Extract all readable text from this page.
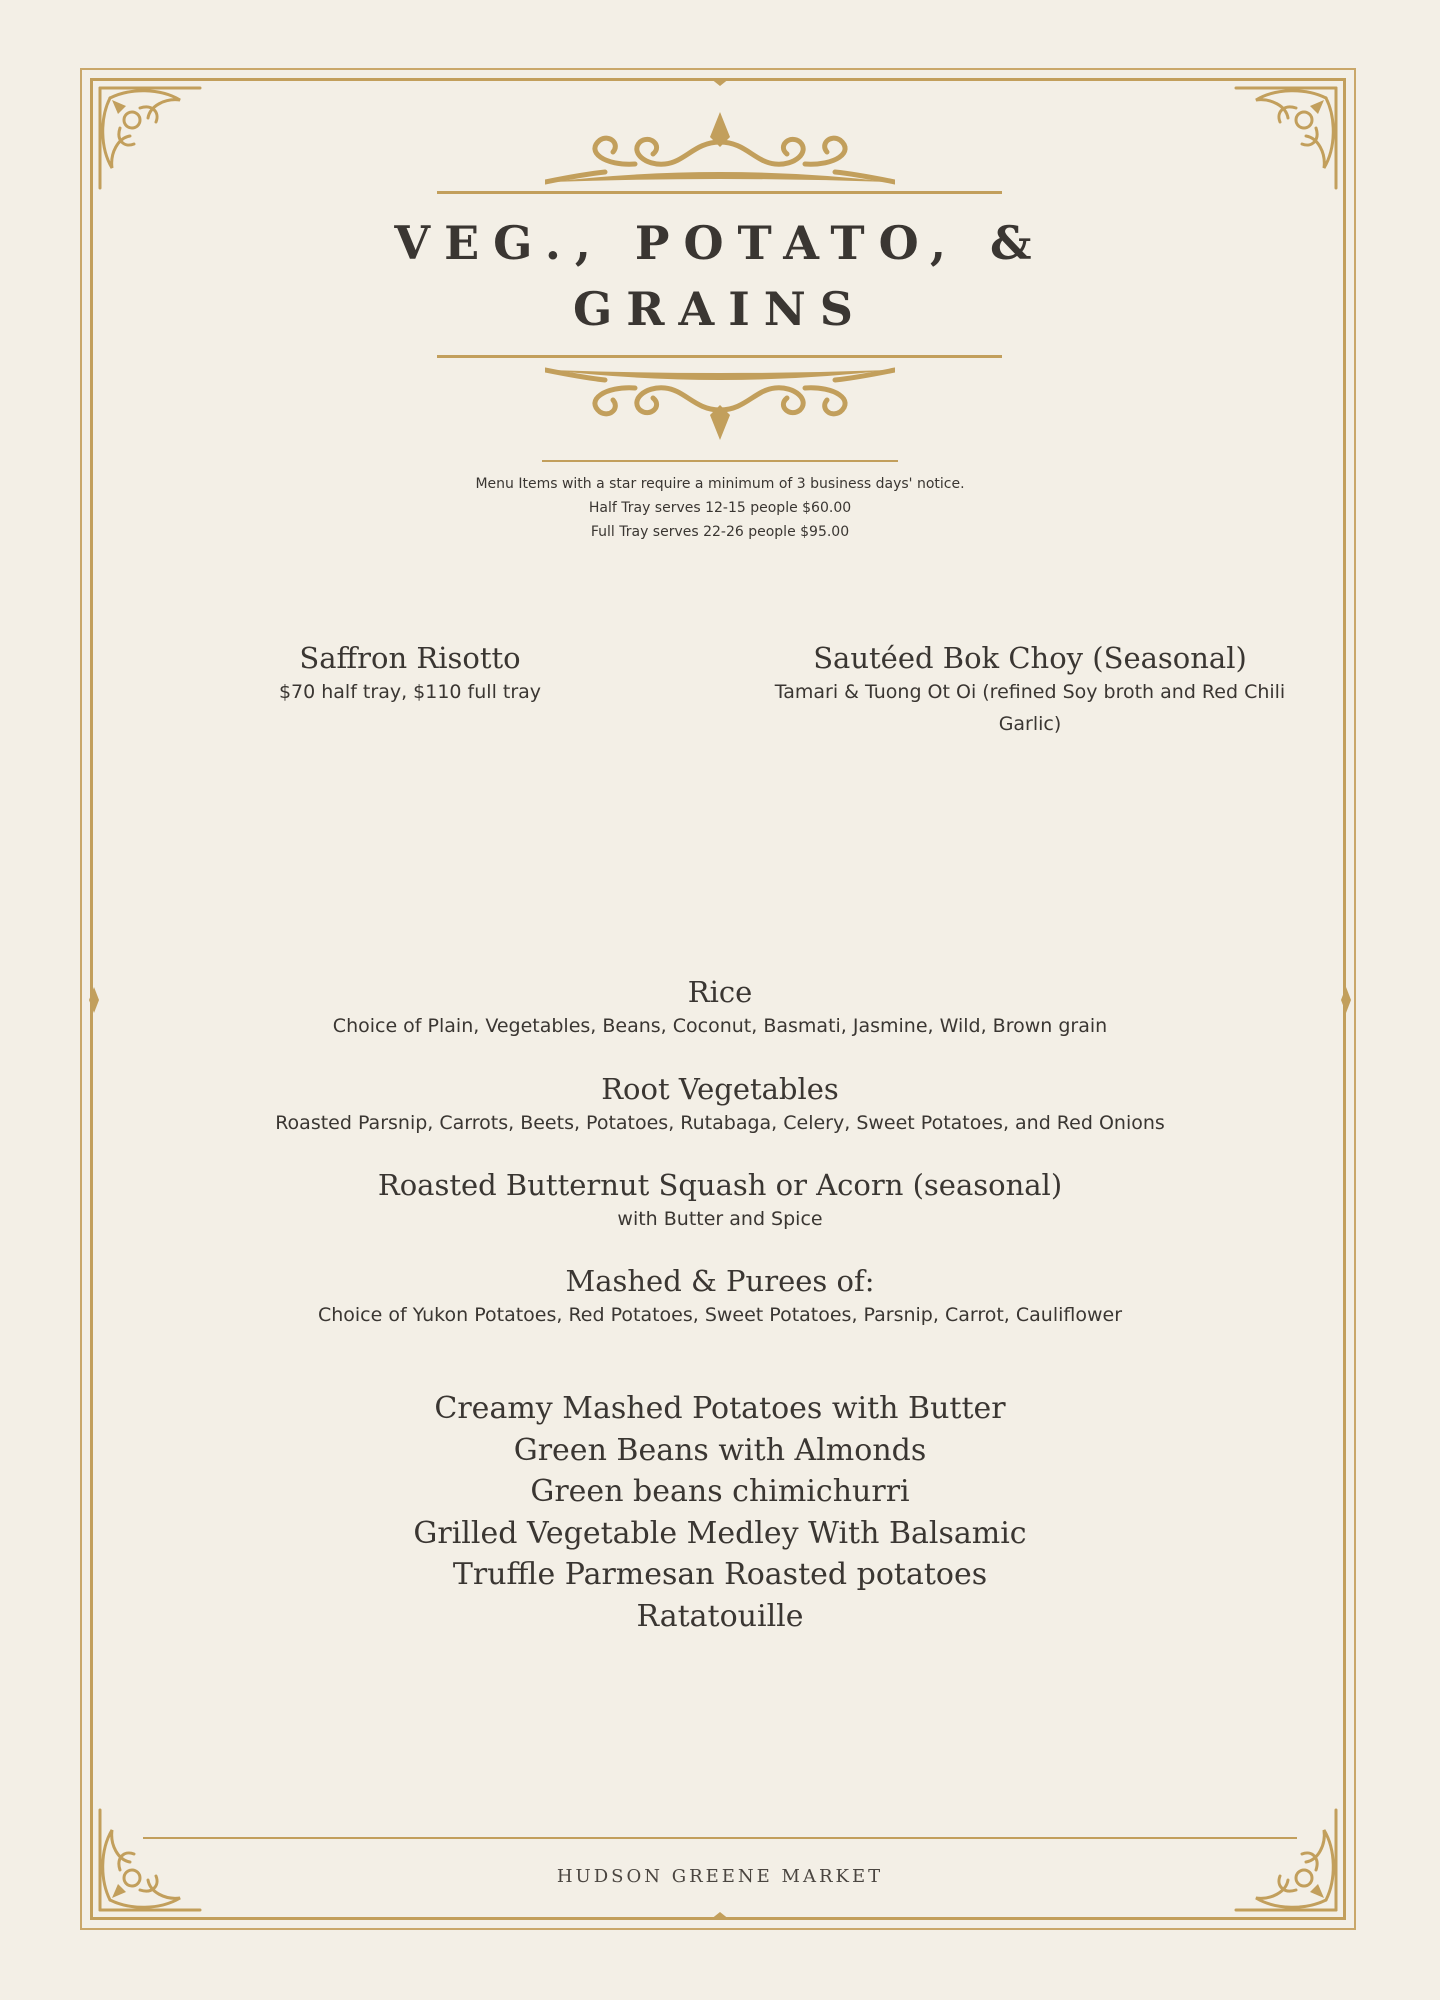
VEG., POTATO, & GRAINS
Menu Items with a star require a minimum of 3 business days' notice.
Half Tray serves 12-15 people $60.00
Full Tray serves 22-26 people $95.00
Saffron Risotto

$70 half tray, $110 full tray

Sautéed Bok Choy (Seasonal)

Tamari & Tuong Ot Oi (refined Soy broth and Red Chili Garlic)

Rice

Choice of Plain, Vegetables, Beans, Coconut, Basmati, Jasmine, Wild, Brown grain

Root Vegetables

Roasted Parsnip, Carrots, Beets, Potatoes, Rutabaga, Celery, Sweet Potatoes, and Red Onions

Roasted Butternut Squash or Acorn (seasonal)

with Butter and Spice

Mashed & Purees of:

Choice of Yukon Potatoes, Red Potatoes, Sweet Potatoes, Parsnip, Carrot, Cauliflower

Creamy Mashed Potatoes with Butter
Green Beans with Almonds
Green beans chimichurri
Grilled Vegetable Medley With Balsamic
Truffle Parmesan Roasted potatoes
Ratatouille
HUDSON GREENE MARKET
